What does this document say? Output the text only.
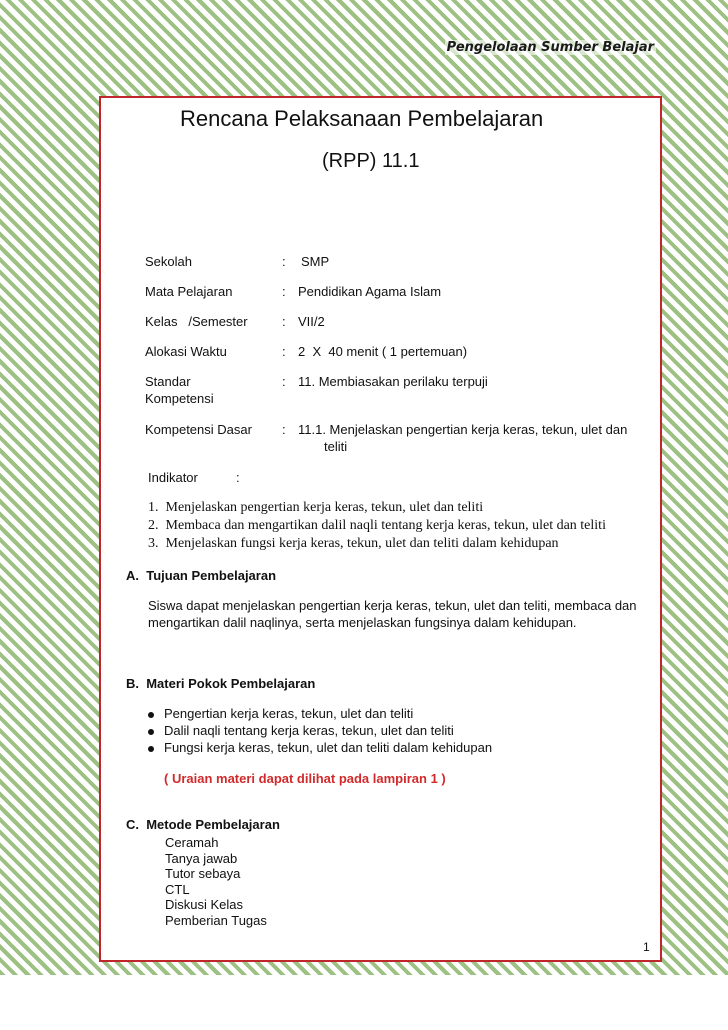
Pengelolaan Sumber Belajar
Rencana Pelaksanaan Pembelajaran
(RPP) 11.1
Sekolah	: SMP
Mata Pelajaran	: Pendidikan Agama Islam
Kelas   /Semester	: VII/2
Alokasi Waktu	: 2  X  40 menit ( 1 pertemuan)
Standar
Kompetensi
: 11. Membiasakan perilaku terpuji
Kompetensi Dasar : 11.1. Menjelaskan pengertian kerja keras, tekun, ulet dan
teliti
Indikator	:
1.  Menjelaskan pengertian kerja keras, tekun, ulet dan teliti
2.  Membaca dan mengartikan dalil naqli tentang kerja keras, tekun, ulet dan teliti
3.  Menjelaskan fungsi kerja keras, tekun, ulet dan teliti dalam kehidupan
A.  Tujuan Pembelajaran
Siswa dapat menjelaskan pengertian kerja keras, tekun, ulet dan teliti, membaca dan
mengartikan dalil naqlinya, serta menjelaskan fungsinya dalam kehidupan.
B.  Materi Pokok Pembelajaran
Pengertian kerja keras, tekun, ulet dan teliti
Dalil naqli tentang kerja keras, tekun, ulet dan teliti
Fungsi kerja keras, tekun, ulet dan teliti dalam kehidupan
( Uraian materi dapat dilihat pada lampiran 1 )
C.  Metode Pembelajaran
Ceramah
Tanya jawab
Tutor sebaya
CTL
Diskusi Kelas
Pemberian Tugas
1
